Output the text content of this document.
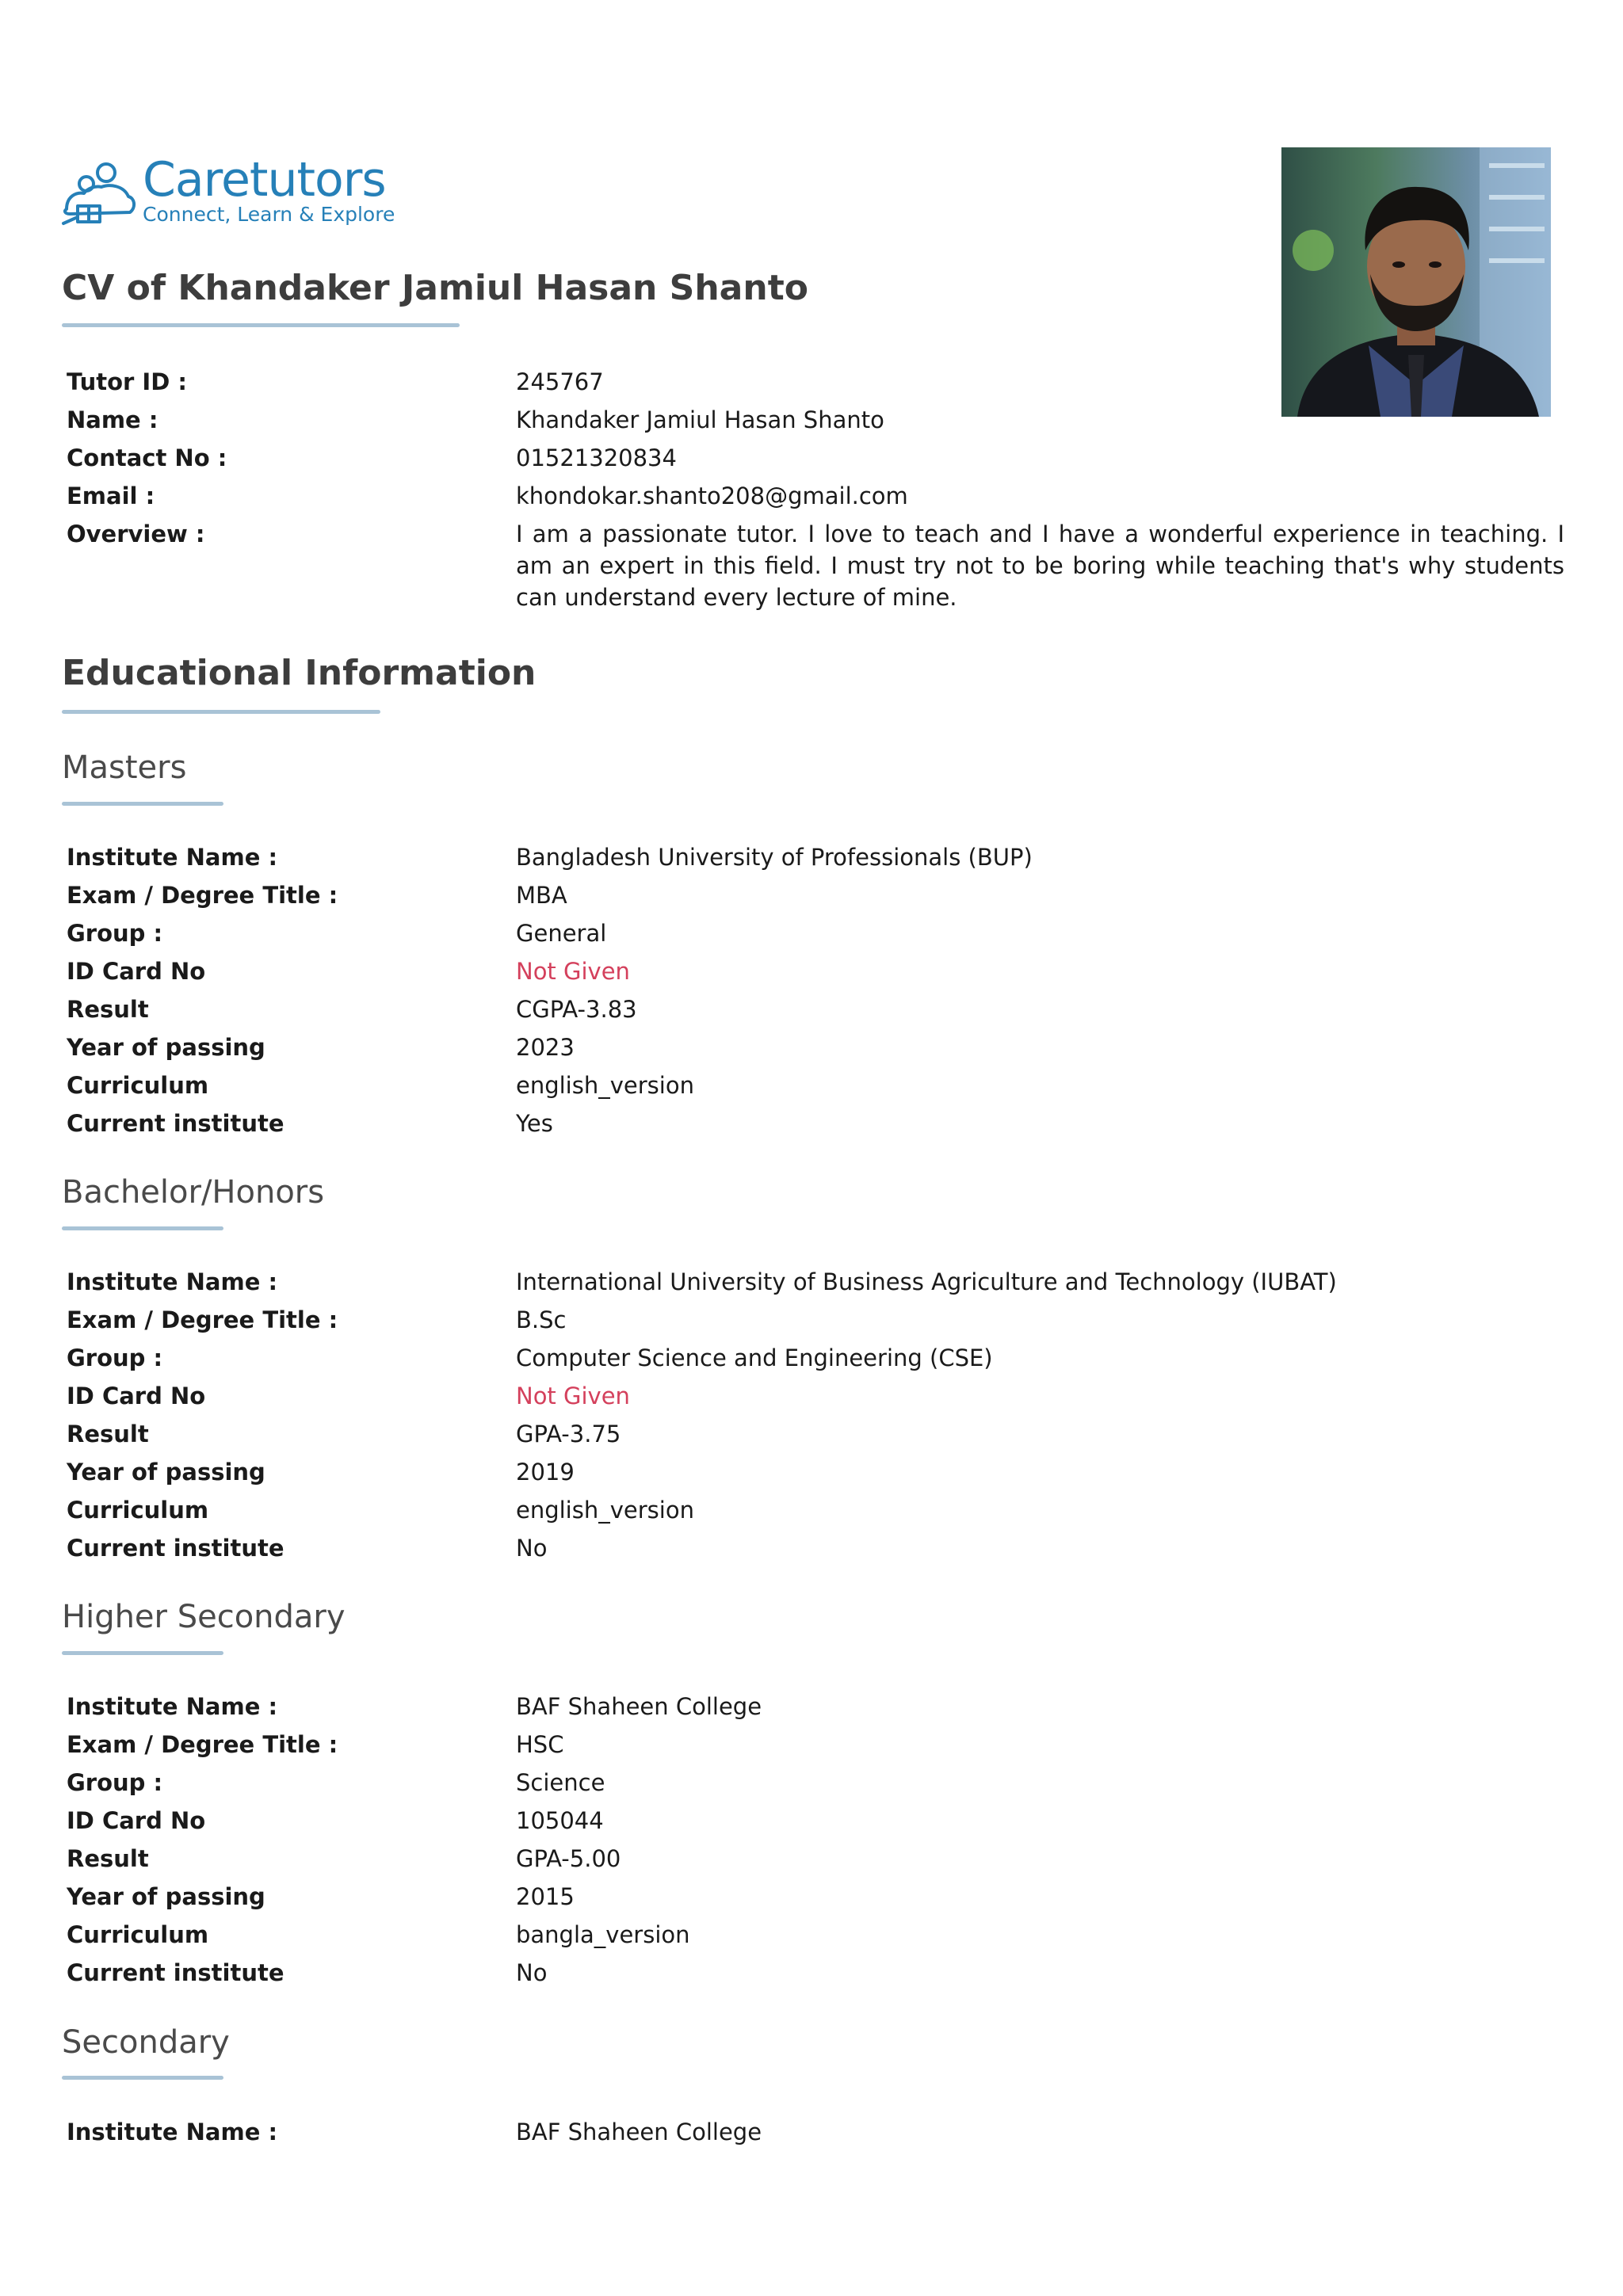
Caretutors
Connect, Learn & Explore
CV of Khandaker Jamiul Hasan Shanto
Tutor ID :	245767
Name :	Khandaker Jamiul Hasan Shanto
Contact No :	01521320834
Email :	khondokar.shanto208@gmail.com
Overview :	I am a passionate tutor. I love to teach and I have a wonderful experience in teaching. I am an expert in this field. I must try not to be boring while teaching that's why students can understand every lecture of mine.
Educational Information
Masters
Institute Name :	Bangladesh University of Professionals (BUP)
Exam / Degree Title :	MBA
Group :	General
ID Card No	Not Given
Result	CGPA-3.83
Year of passing	2023
Curriculum	english_version
Current institute	Yes
Bachelor/Honors
Institute Name :	International University of Business Agriculture and Technology (IUBAT)
Exam / Degree Title :	B.Sc
Group :	Computer Science and Engineering (CSE)
ID Card No	Not Given
Result	GPA-3.75
Year of passing	2019
Curriculum	english_version
Current institute	No
Higher Secondary
Institute Name :	BAF Shaheen College
Exam / Degree Title :	HSC
Group :	Science
ID Card No	105044
Result	GPA-5.00
Year of passing	2015
Curriculum	bangla_version
Current institute	No
Secondary
Institute Name :	BAF Shaheen College
